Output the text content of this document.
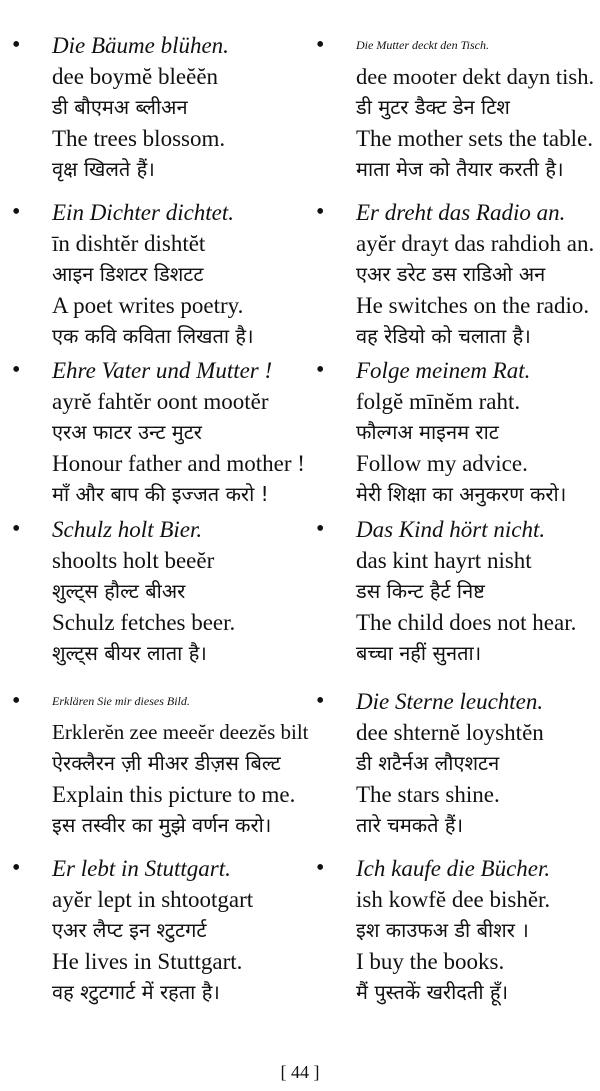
• Die Bäume blühen.
dee boymĕ bleĕĕn
डी बौएमअ ब्लीअन
The trees blossom.
वृक्ष खिलते हैं।
•	Die Mutter deckt den Tisch.
dee mooter dekt dayn tish.
डी मुटर डैक्ट डेन टिश
The mother sets the table.
माता मेज को तैयार करती है।
• Ein Dichter dichtet.
īn dishtĕr dishtĕt
आइन डिशटर डिशटट
A poet writes poetry.
एक कवि कविता लिखता है।
• Er dreht das Radio an.
ayĕr drayt das rahdioh an.
एअर डरेट डस राडिओ अन
He switches on the radio.
वह रेडियो को चलाता है।
• Ehre Vater und Mutter !
ayrĕ fahtĕr oont mootĕr
एरअ फाटर उन्ट मुटर
Honour father and mother !
माँ और बाप की इज्जत करो !
• Folge meinem Rat.
folgĕ mīnĕm raht.
फौल्गअ माइनम राट
Follow my advice.
मेरी शिक्षा का अनुकरण करो।
• Schulz holt Bier.
shoolts holt beeĕr
शुल्ट्स हौल्ट बीअर
Schulz fetches beer.
शुल्ट्स बीयर लाता है।
• Das Kind hört nicht.
das kint hayrt nisht
डस किन्ट हैर्ट निष्ट
The child does not hear.
बच्चा नहीं सुनता।
•	Erklären Sie mir dieses Bild.
Erklerĕn zee meeĕr deezĕs bilt
ऐरक्लैरन ज़ी मीअर डीज़स बिल्ट
Explain this picture to me.
इस तस्वीर का मुझे वर्णन करो।
• Die Sterne leuchten.
dee shternĕ loyshtĕn
डी शटैर्नअ लौएशटन
The stars shine.
तारे चमकते हैं।
• Er lebt in Stuttgart.
ayĕr lept in shtootgart
एअर लैप्ट इन श्टुटगर्ट
He lives in Stuttgart.
वह श्टुटगार्ट में रहता है।
• Ich kaufe die Bücher.
ish kowfĕ dee bishĕr.
इश काउफअ डी बीशर ।
I buy the books.
मैं पुस्तकें खरीदती हूँ।
[ 44 ]
